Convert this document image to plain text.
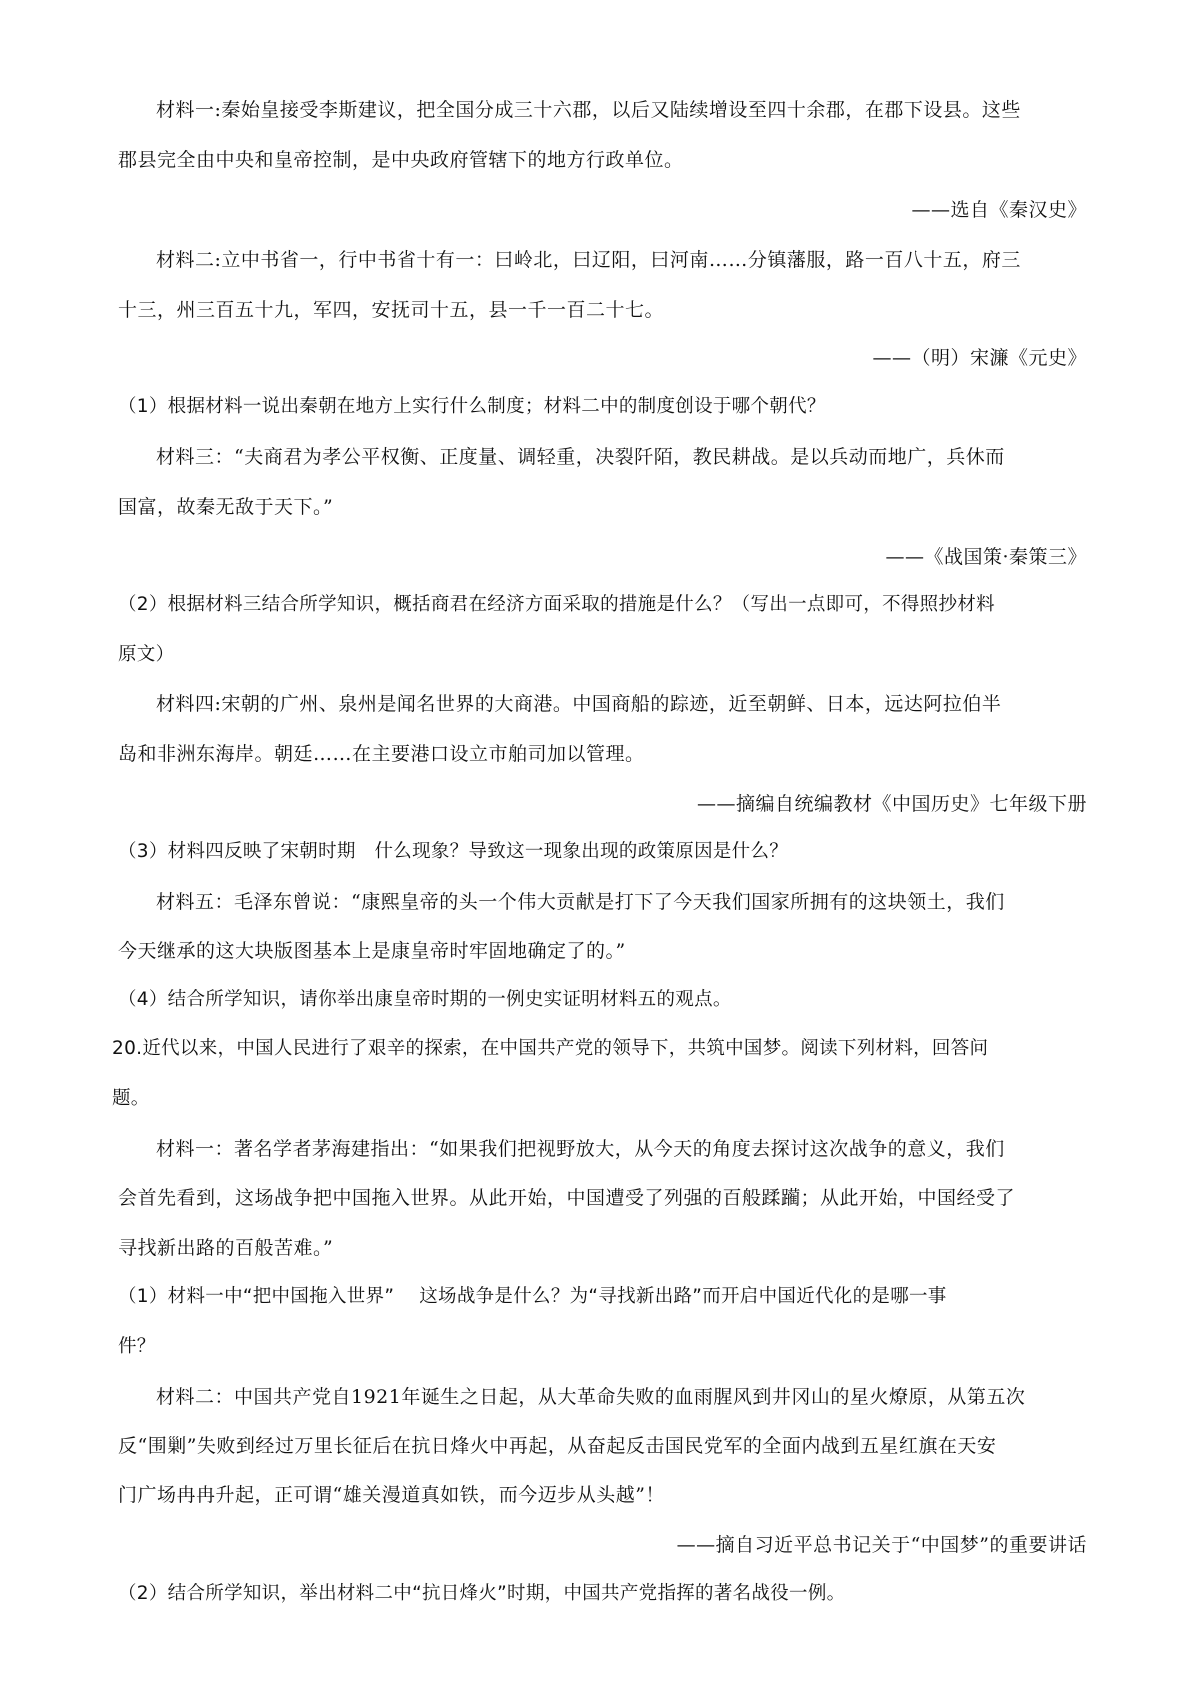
材料一:秦始皇接受李斯建议，把全国分成三十六郡，以后又陆续增设至四十余郡，在郡下设县。这些
郡县完全由中央和皇帝控制，是中央政府管辖下的地方行政单位。
——选自《秦汉史》
材料二:立中书省一，行中书省十有一：曰岭北，曰辽阳，曰河南……分镇藩服，路一百八十五，府三
十三，州三百五十九，军四，安抚司十五，县一千一百二十七。
——（明）宋濂《元史》
（1）根据材料一说出秦朝在地方上实行什么制度；材料二中的制度创设于哪个朝代？
材料三：“夫商君为孝公平权衡、正度量、调轻重，决裂阡陌，教民耕战。是以兵动而地广，兵休而
国富，故秦无敌于天下。”
——《战国策·秦策三》
（2）根据材料三结合所学知识，概括商君在经济方面采取的措施是什么？（写出一点即可，不得照抄材料
原文）
材料四:宋朝的广州、泉州是闻名世界的大商港。中国商船的踪迹，近至朝鲜、日本，远达阿拉伯半
岛和非洲东海岸。朝廷……在主要港口设立市舶司加以管理。
——摘编自统编教材《中国历史》七年级下册
（3）材料四反映了宋朝时期　什么现象？导致这一现象出现的政策原因是什么？
材料五：毛泽东曾说：“康熙皇帝的头一个伟大贡献是打下了今天我们国家所拥有的这块领土，我们
今天继承的这大块版图基本上是康皇帝时牢固地确定了的。”
（4）结合所学知识，请你举出康皇帝时期的一例史实证明材料五的观点。
20.近代以来，中国人民进行了艰辛的探索，在中国共产党的领导下，共筑中国梦。阅读下列材料，回答问
题。
材料一：著名学者茅海建指出：“如果我们把视野放大，从今天的角度去探讨这次战争的意义，我们
会首先看到，这场战争把中国拖入世界。从此开始，中国遭受了列强的百般蹂躏；从此开始，中国经受了
寻找新出路的百般苦难。”
（1）材料一中“把中国拖入世界”　 这场战争是什么？为“寻找新出路”而开启中国近代化的是哪一事
件？
材料二：中国共产党自1921年诞生之日起，从大革命失败的血雨腥风到井冈山的星火燎原，从第五次
反“围剿”失败到经过万里长征后在抗日烽火中再起，从奋起反击国民党军的全面内战到五星红旗在天安
门广场冉冉升起，正可谓“雄关漫道真如铁，而今迈步从头越”！
——摘自习近平总书记关于“中国梦”的重要讲话
（2）结合所学知识，举出材料二中“抗日烽火”时期，中国共产党指挥的著名战役一例。
